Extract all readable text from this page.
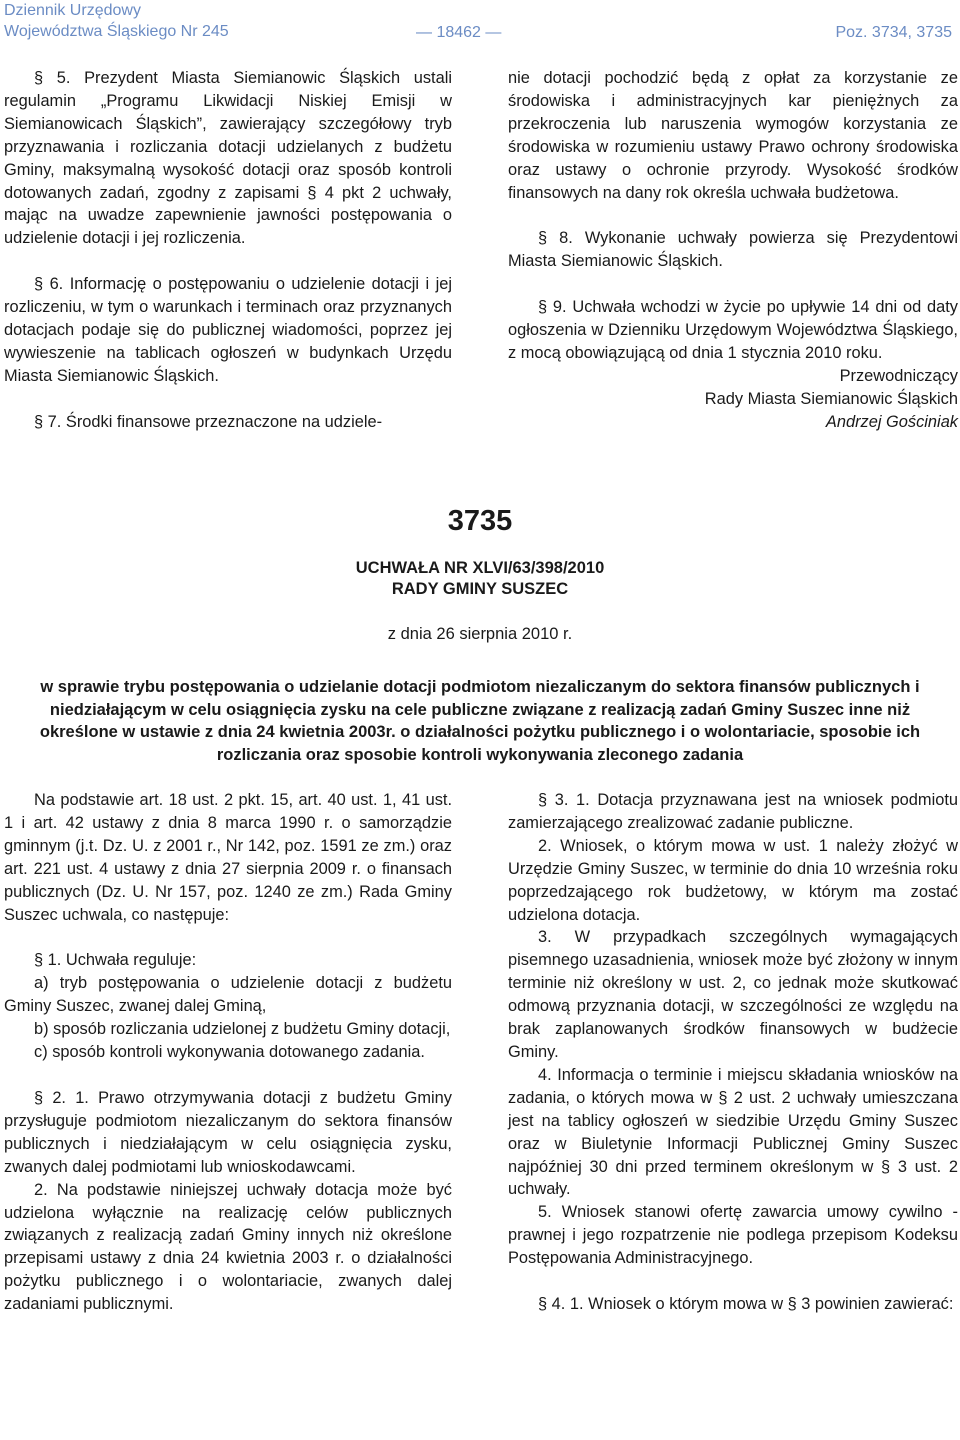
Dziennik Urzędowy
Województwa Śląskiego Nr 245	— 18462 —	Poz. 3734, 3735

§ 5. Prezydent Miasta Siemianowic Śląskich ustali regulamin „Programu Likwidacji Niskiej Emisji w Siemianowicach Śląskich”, zawierający szczegółowy tryb przyznawania i rozliczania dotacji udzielanych z budżetu Gminy, maksymalną wysokość dotacji oraz sposób kontroli dotowanych zadań, zgodny z zapisami § 4 pkt 2 uchwały, mając na uwadze zapewnienie jawności postępowania o udzielenie dotacji i jej rozliczenia.

§ 6. Informację o postępowaniu o udzielenie dotacji i jej rozliczeniu, w tym o warunkach i terminach oraz przyznanych dotacjach podaje się do publicznej wiadomości, poprzez jej wywieszenie na tablicach ogłoszeń w budynkach Urzędu Miasta Siemianowic Śląskich.

§ 7. Środki finansowe przeznaczone na udziele-

nie dotacji pochodzić będą z opłat za korzystanie ze środowiska i administracyjnych kar pieniężnych za przekroczenia lub naruszenia wymogów korzystania ze środowiska w rozumieniu ustawy Prawo ochrony środowiska oraz ustawy o ochronie przyrody. Wysokość środków finansowych na dany rok określa uchwała budżetowa.

§ 8. Wykonanie uchwały powierza się Prezydentowi Miasta Siemianowic Śląskich.

§ 9. Uchwała wchodzi w życie po upływie 14 dni od daty ogłoszenia w Dzienniku Urzędowym Województwa Śląskiego, z mocą obowiązującą od dnia 1 stycznia 2010 roku.

Przewodniczący
Rady Miasta Siemianowic Śląskich
Andrzej Gościniak
3735
UCHWAŁA NR XLVI/63/398/2010
RADY GMINY SUSZEC
z dnia 26 sierpnia 2010 r.
w sprawie trybu postępowania o udzielanie dotacji podmiotom niezaliczanym do sektora finansów publicznych i niedziałającym w celu osiągnięcia zysku na cele publiczne związane z realizacją zadań Gminy Suszec inne niż określone w ustawie z dnia 24 kwietnia 2003r. o działalności pożytku publicznego i o wolontariacie, sposobie ich rozliczania oraz sposobie kontroli wykonywania zleconego zadania

Na podstawie art. 18 ust. 2 pkt. 15, art. 40 ust. 1, 41 ust. 1 i art. 42 ustawy z dnia 8 marca 1990 r. o samorządzie gminnym (j.t. Dz. U. z 2001 r., Nr 142, poz. 1591 ze zm.) oraz art. 221 ust. 4 ustawy z dnia 27 sierpnia 2009 r. o finansach publicznych (Dz. U. Nr 157, poz. 1240 ze zm.) Rada Gminy Suszec uchwala, co następuje:

§ 1. Uchwała reguluje:

a) tryb postępowania o udzielenie dotacji z budżetu Gminy Suszec, zwanej dalej Gminą,

b) sposób rozliczania udzielonej z budżetu Gminy dotacji,

c) sposób kontroli wykonywania dotowanego zadania.

§ 2. 1. Prawo otrzymywania dotacji z budżetu Gminy przysługuje podmiotom niezaliczanym do sektora finansów publicznych i niedziałającym w celu osiągnięcia zysku, zwanych dalej podmiotami lub wnioskodawcami.

2. Na podstawie niniejszej uchwały dotacja może być udzielona wyłącznie na realizację celów publicznych związanych z realizacją zadań Gminy innych niż określone przepisami ustawy z dnia 24 kwietnia 2003 r. o działalności pożytku publicznego i o wolontariacie, zwanych dalej zadaniami publicznymi.

§ 3. 1. Dotacja przyznawana jest na wniosek podmiotu zamierzającego zrealizować zadanie publiczne.

2. Wniosek, o którym mowa w ust. 1 należy złożyć w Urzędzie Gminy Suszec, w terminie do dnia 10 września roku poprzedzającego rok budżetowy, w którym ma zostać udzielona dotacja.

3. W przypadkach szczególnych wymagających pisemnego uzasadnienia, wniosek może być złożony w innym terminie niż określony w ust. 2, co jednak może skutkować odmową przyznania dotacji, w szczególności ze względu na brak zaplanowanych środków finansowych w budżecie Gminy.

4. Informacja o terminie i miejscu składania wniosków na zadania, o których mowa w § 2 ust. 2 uchwały umieszczana jest na tablicy ogłoszeń w siedzibie Urzędu Gminy Suszec oraz w Biuletynie Informacji Publicznej Gminy Suszec najpóźniej 30 dni przed terminem określonym w § 3 ust. 2 uchwały.

5. Wniosek stanowi ofertę zawarcia umowy cywilno - prawnej i jego rozpatrzenie nie podlega przepisom Kodeksu Postępowania Administracyjnego.

§ 4. 1. Wniosek o którym mowa w § 3 powinien zawierać:
